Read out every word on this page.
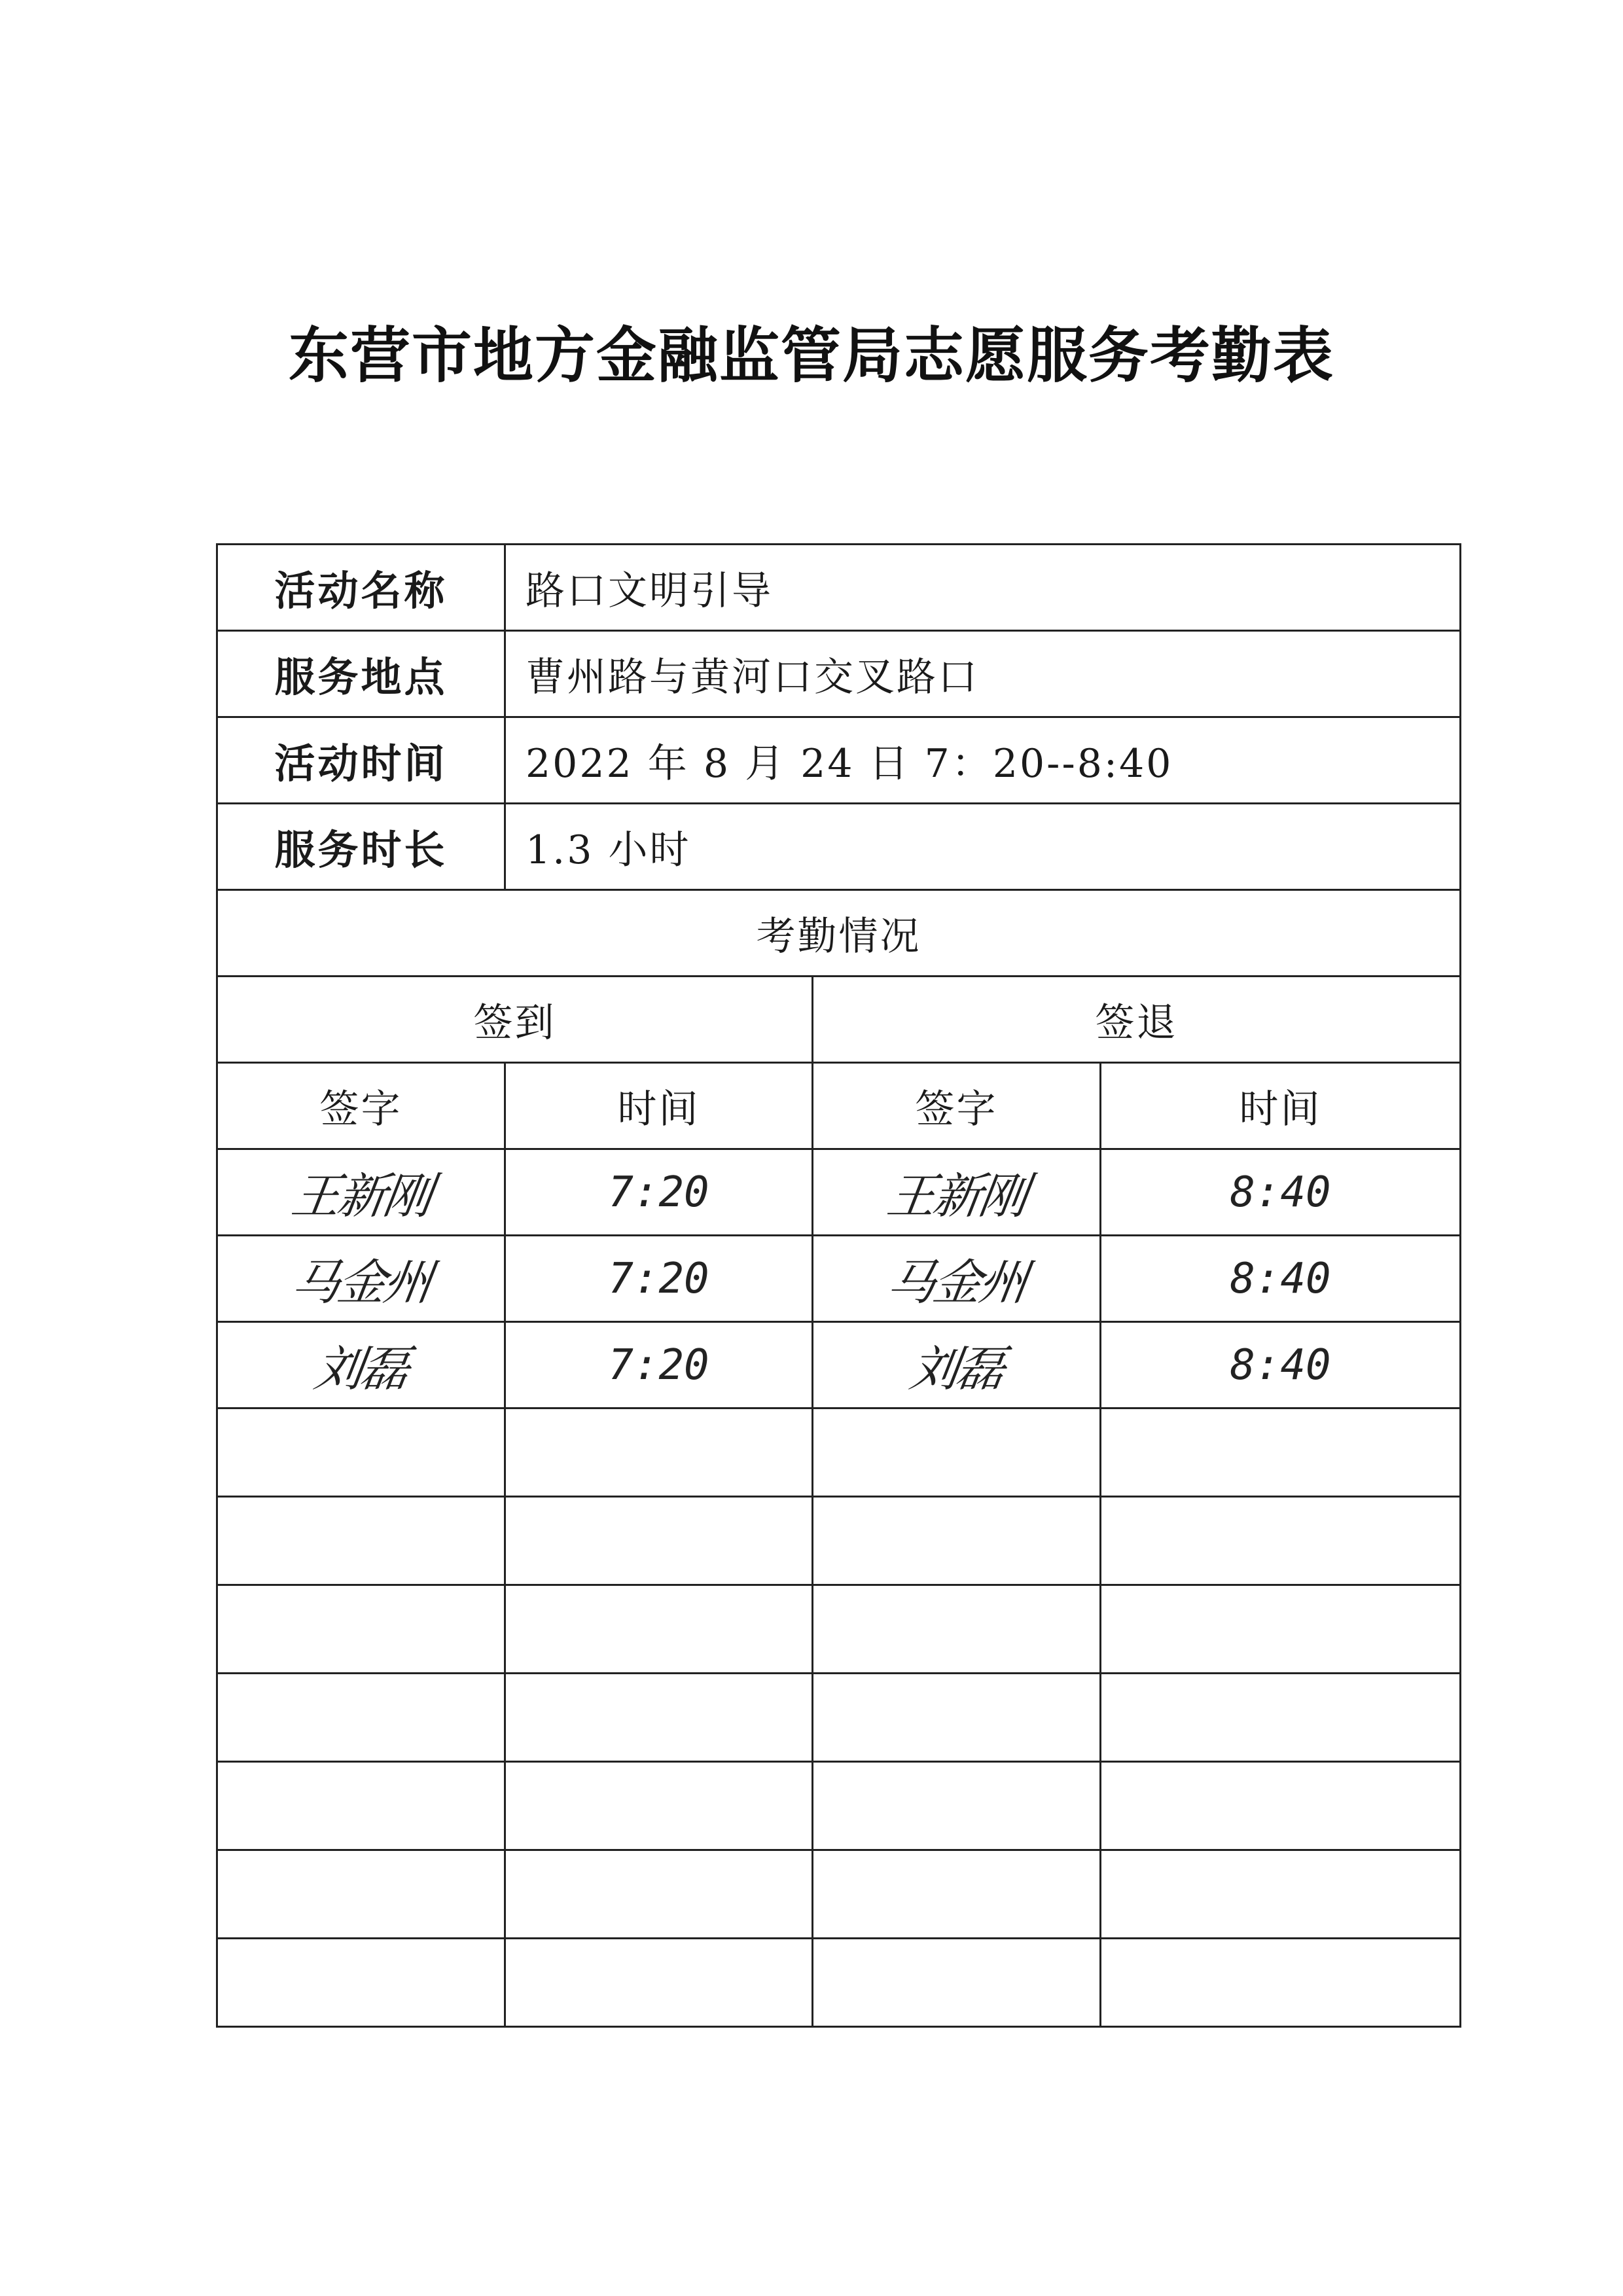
东营市地方金融监管局志愿服务考勤表
活动名称	路口文明引导		
服务地点	曹州路与黄河口交叉路口		
活动时间	2022 年 8 月 24 日 7：20--8:40		
服务时长	1.3 小时		
考勤情况			
签到		签退	
签字	时间	签字	时间
王新刚	7:20	王新刚	8:40
马金州	7:20	马金州	8:40
刘磊	7:20	刘磊	8:40
